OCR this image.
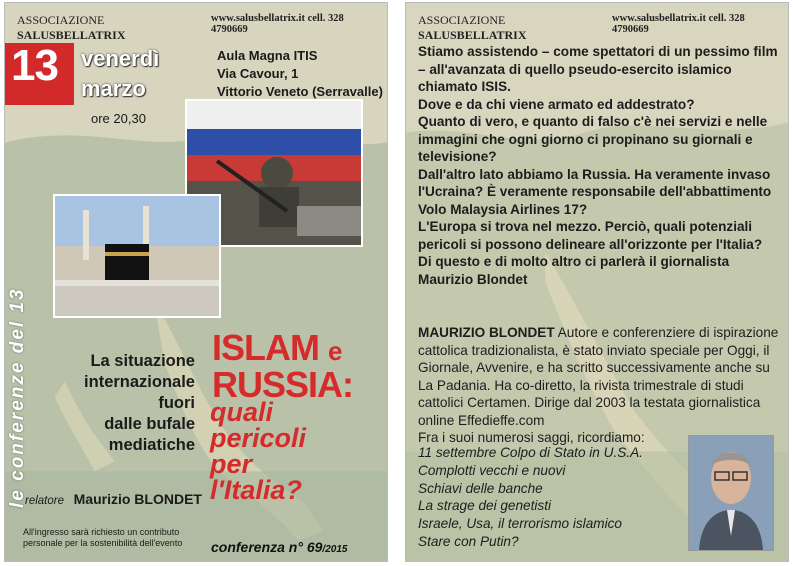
ASSOCIAZIONE SALUSBELLATRIX
www.salusbellatrix.it cell. 328 4790669
13 venerdì
marzo
Aula Magna ITIS
Via Cavour, 1
Vittorio Veneto (Serravalle)
ore 20,30
le conferenze del 13	La situazione
internazionale
fuori
dalle bufale
mediatiche
ISLAM e
RUSSIA:
quali
pericoli
per
l'Italia?
relatore Maurizio BLONDET
All'ingresso sarà richiesto un contributo personale per la sostenibilità dell'evento	conferenza n° 69/2015
ASSOCIAZIONE SALUSBELLATRIX
www.salusbellatrix.it cell. 328 4790669

Stiamo assistendo – come spettatori di un pessimo film – all'avanzata di quello pseudo-esercito islamico chiamato ISIS.

Dove e da chi viene armato ed addestrato?

Quanto di vero, e quanto di falso c'è nei servizi e nelle immagini che ogni giorno ci propinano su giornali e televisione?

Dall'altro lato abbiamo la Russia. Ha veramente invaso l'Ucraina? È veramente responsabile dell'abbattimento Volo Malaysia Airlines 17?

L'Europa si trova nel mezzo. Perciò, quali potenziali pericoli si possono delineare all'orizzonte per l'Italia?

Di questo e di molto altro ci parlerà il giornalista Maurizio Blondet

MAURIZIO BLONDET Autore e conferenziere di ispirazione cattolica tradizionalista, è stato inviato speciale per Oggi, il Giornale, Avvenire, e ha scritto successivamente anche su La Padania. Ha co-diretto, la rivista trimestrale di studi cattolici Certamen. Dirige dal 2003 la testata giornalistica online Effedieffe.com

Fra i suoi numerosi saggi, ricordiamo:

11 settembre Colpo di Stato in U.S.A.
Complotti vecchi e nuovi
Schiavi delle banche
La strage dei genetisti
Israele, Usa, il terrorismo islamico
Stare con Putin?
